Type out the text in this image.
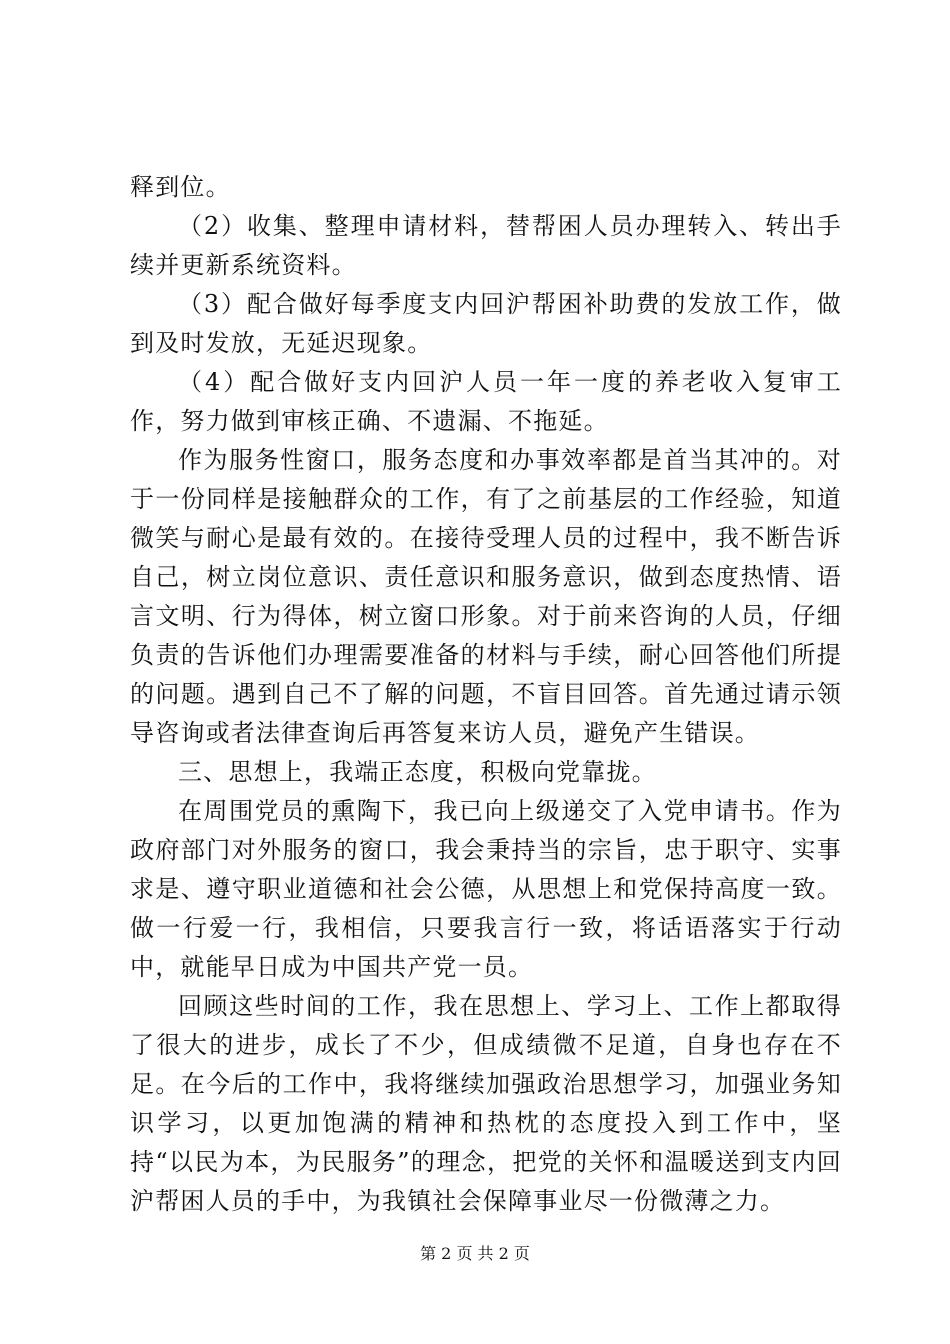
释到位。

（2）收集、整理申请材料，替帮困人员办理转入、转出手续并更新系统资料。

（3）配合做好每季度支内回沪帮困补助费的发放工作，做到及时发放，无延迟现象。

（4）配合做好支内回沪人员一年一度的养老收入复审工作，努力做到审核正确、不遗漏、不拖延。

作为服务性窗口，服务态度和办事效率都是首当其冲的。对于一份同样是接触群众的工作，有了之前基层的工作经验，知道微笑与耐心是最有效的。在接待受理人员的过程中，我不断告诉自己，树立岗位意识、责任意识和服务意识，做到态度热情、语言文明、行为得体，树立窗口形象。对于前来咨询的人员，仔细负责的告诉他们办理需要准备的材料与手续，耐心回答他们所提的问题。遇到自己不了解的问题，不盲目回答。首先通过请示领导咨询或者法律查询后再答复来访人员，避免产生错误。

三、思想上，我端正态度，积极向党靠拢。

在周围党员的熏陶下，我已向上级递交了入党申请书。作为政府部门对外服务的窗口，我会秉持当的宗旨，忠于职守、实事求是、遵守职业道德和社会公德，从思想上和党保持高度一致。做一行爱一行，我相信，只要我言行一致，将话语落实于行动中，就能早日成为中国共产党一员。

回顾这些时间的工作，我在思想上、学习上、工作上都取得了很大的进步，成长了不少，但成绩微不足道，自身也存在不足。在今后的工作中，我将继续加强政治思想学习，加强业务知识学习，以更加饱满的精神和热枕的态度投入到工作中，坚持“以民为本，为民服务”的理念，把党的关怀和温暖送到支内回沪帮困人员的手中，为我镇社会保障事业尽一份微薄之力。

第 2 页 共 2 页
